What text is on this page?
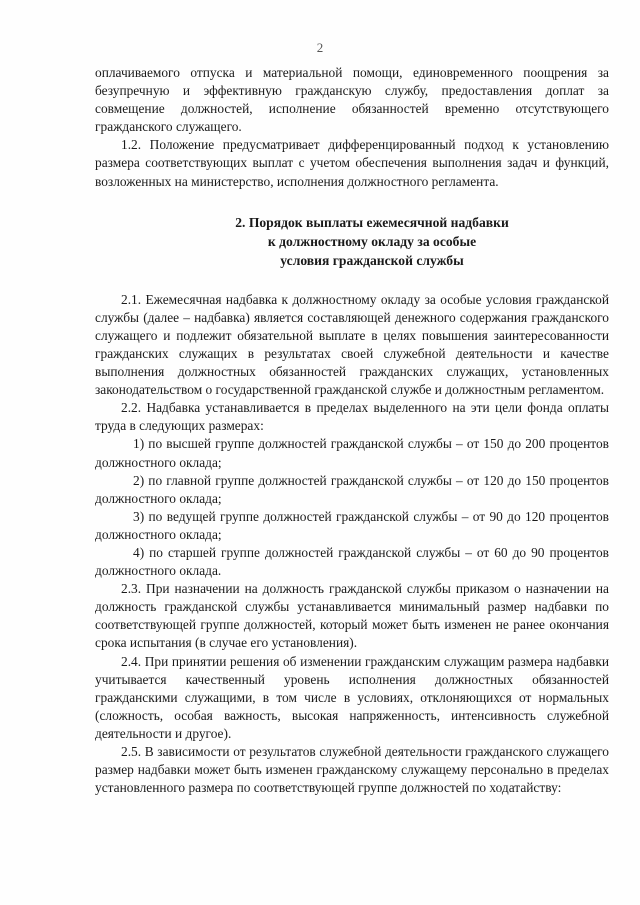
2

оплачиваемого отпуска и материальной помощи, единовременного поощрения за безупречную и эффективную гражданскую службу, предоставления доплат за совмещение должностей, исполнение обязанностей временно отсутствующего гражданского служащего.

1.2. Положение предусматривает дифференцированный подход к установлению размера соответствующих выплат с учетом обеспечения выполнения задач и функций, возложенных на министерство, исполнения должностного регламента.

2. Порядок выплаты ежемесячной надбавки
к должностному окладу за особые
условия гражданской службы

2.1. Ежемесячная надбавка к должностному окладу за особые условия гражданской службы (далее – надбавка) является составляющей денежного содержания гражданского служащего и подлежит обязательной выплате в целях повышения заинтересованности гражданских служащих в результатах своей служебной деятельности и качестве выполнения должностных обязанностей гражданских служащих, установленных законодательством о государственной гражданской службе и должностным регламентом.

2.2. Надбавка устанавливается в пределах выделенного на эти цели фонда оплаты труда в следующих размерах:

1) по высшей группе должностей гражданской службы – от 150 до 200 процентов должностного оклада;

2) по главной группе должностей гражданской службы – от 120 до 150 процентов должностного оклада;

3) по ведущей группе должностей гражданской службы – от 90 до 120 процентов должностного оклада;

4) по старшей группе должностей гражданской службы – от 60 до 90 процентов должностного оклада.

2.3. При назначении на должность гражданской службы приказом о назначении на должность гражданской службы устанавливается минимальный размер надбавки по соответствующей группе должностей, который может быть изменен не ранее окончания срока испытания (в случае его установления).

2.4. При принятии решения об изменении гражданским служащим размера надбавки учитывается качественный уровень исполнения должностных обязанностей гражданскими служащими, в том числе в условиях, отклоняющихся от нормальных (сложность, особая важность, высокая напряженность, интенсивность служебной деятельности и другое).

2.5. В зависимости от результатов служебной деятельности гражданского служащего размер надбавки может быть изменен гражданскому служащему персонально в пределах установленного размера по соответствующей группе должностей по ходатайству:
